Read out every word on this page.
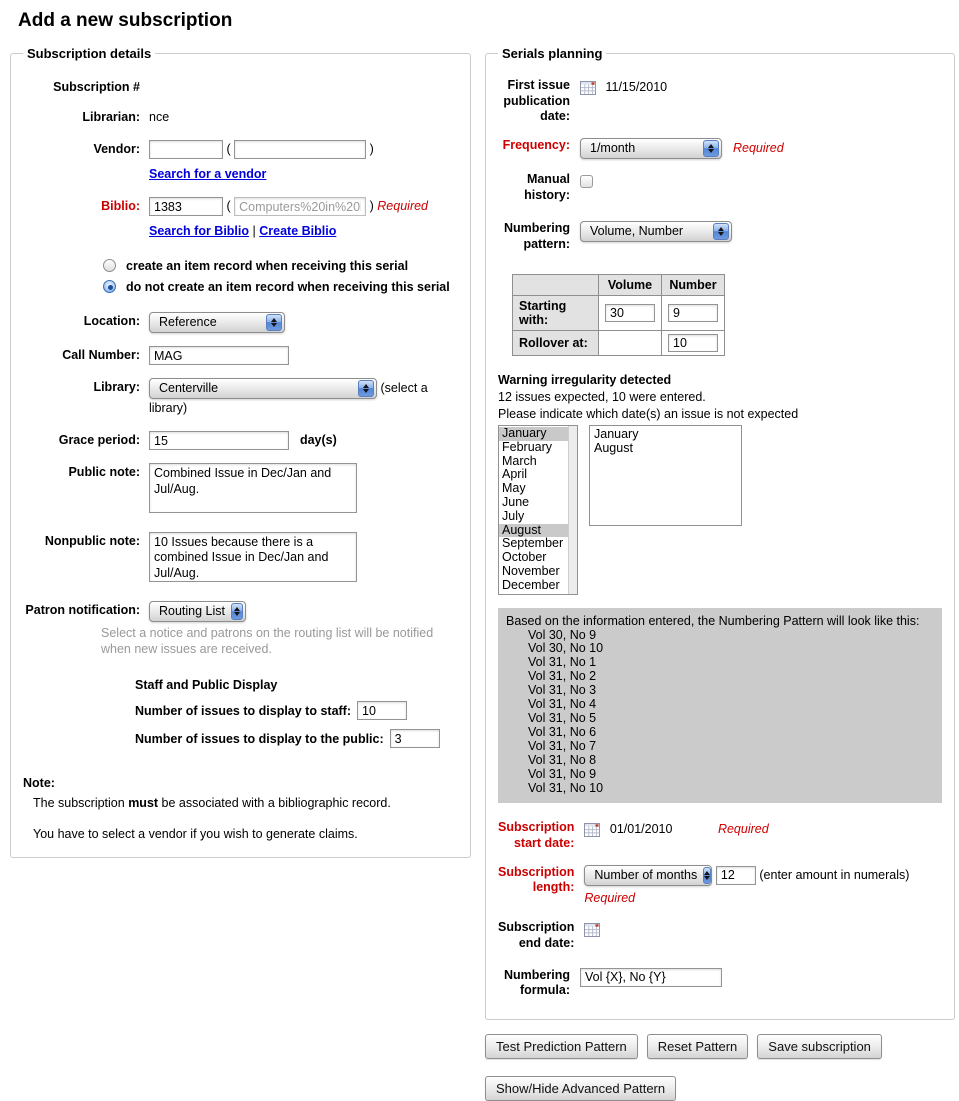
Add a new subscription
Subscription details
Subscription #
Librarian: nce
Vendor:	(	)
Search for a vendor
Biblio:
1383	( Computers%20in%20libra	) Required
Search for Biblio | Create Biblio
create an item record when receiving this serial
do not create an item record when receiving this serial
Location:	Reference
Call Number:
MAG
Library:	Centerville	(select a library)
Grace period:
15	day(s)
Public note:
Combined Issue in Dec/Jan and Jul/Aug.
Nonpublic note:
10 Issues because there is a combined Issue in Dec/Jan and Jul/Aug.
Patron notification:	Routing List
Select a notice and patrons on the routing list will be notified when new issues are received.
Staff and Public Display
Number of issues to display to staff:
10
Number of issues to display to the public:
3
Note:
The subscription must be associated with a bibliographic record.
You have to select a vendor if you wish to generate claims.
Serials planning
First issue publication date:
11/15/2010
Frequency:	1/month	Required
Manual history:
Numbering pattern:
Volume, Number
	Volume	Number
Starting with:	30	9
Rollover at:		10
Warning irregularity detected
12 issues expected, 10 were entered.
Please indicate which date(s) an issue is not expected
January
February
March
April
May
June
July
August
September
October
November
December
January
August
Based on the information entered, the Numbering Pattern will look like this:
Vol 30, No 9
Vol 30, No 10
Vol 31, No 1
Vol 31, No 2
Vol 31, No 3
Vol 31, No 4
Vol 31, No 5
Vol 31, No 6
Vol 31, No 7
Vol 31, No 8
Vol 31, No 9
Vol 31, No 10
Subscription start date:
01/01/2010	Required
Subscription length:
Number of months
12	(enter amount in numerals)
Required
Subscription end date:
Numbering formula:
Vol {X}, No {Y}
Test Prediction Pattern	Reset Pattern	Save subscription
Show/Hide Advanced Pattern
